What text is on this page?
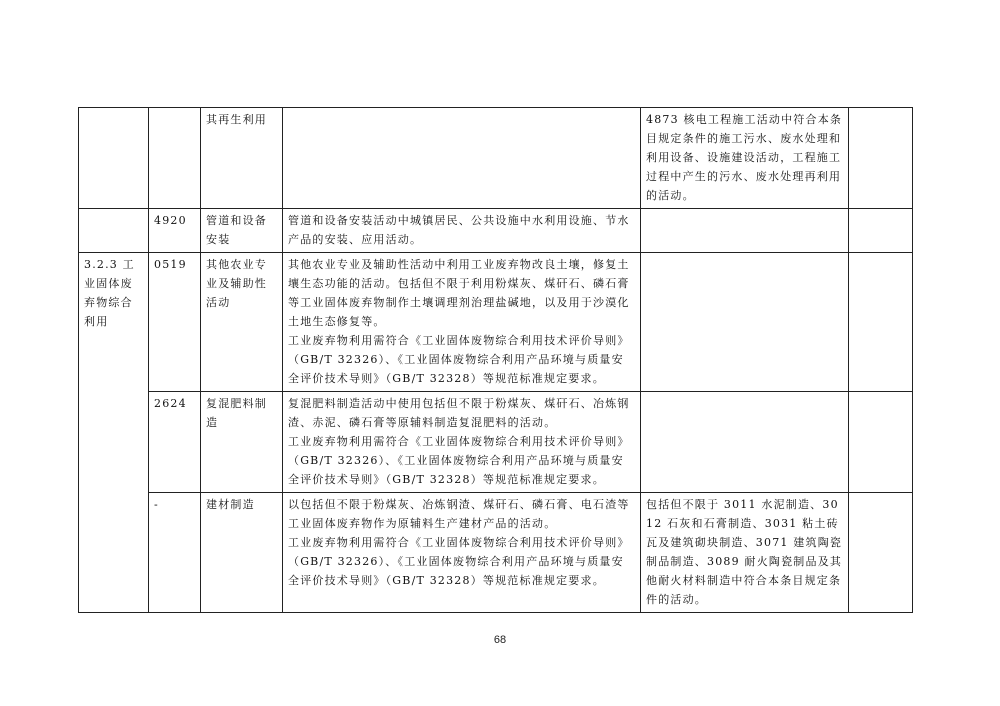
		其再生利用		4873 核电工程施工活动中符合本条目规定条件的施工污水、废水处理和利用设备、设施建设活动，工程施工过程中产生的污水、废水处理再利用的活动。	
	4920	管道和设备安装	管道和设备安装活动中城镇居民、公共设施中水利用设施、节水产品的安装、应用活动。		

3.2.3 工业固体废弃物综合利用	0519	其他农业专业及辅助性活动	其他农业专业及辅助性活动中利用工业废弃物改良土壤，修复土壤生态功能的活动。包括但不限于利用粉煤灰、煤矸石、磷石膏等工业固体废弃物制作土壤调理剂治理盐碱地，以及用于沙漠化土地生态修复等。
工业废弃物利用需符合《工业固体废物综合利用技术评价导则》（GB/T 32326）、《工业固体废物综合利用产品环境与质量安全评价技术导则》（GB/T 32328）等规范标准规定要求。		

	2624	复混肥料制造	复混肥料制造活动中使用包括但不限于粉煤灰、煤矸石、冶炼钢渣、赤泥、磷石膏等原辅料制造复混肥料的活动。
工业废弃物利用需符合《工业固体废物综合利用技术评价导则》（GB/T 32326）、《工业固体废物综合利用产品环境与质量安全评价技术导则》（GB/T 32328）等规范标准规定要求。		

	-	建材制造	以包括但不限于粉煤灰、冶炼钢渣、煤矸石、磷石膏、电石渣等工业固体废弃物作为原辅料生产建材产品的活动。
工业废弃物利用需符合《工业固体废物综合利用技术评价导则》（GB/T 32326）、《工业固体废物综合利用产品环境与质量安全评价技术导则》（GB/T 32328）等规范标准规定要求。	包括但不限于 3011 水泥制造、3012 石灰和石膏制造、3031 粘土砖瓦及建筑砌块制造、3071 建筑陶瓷制品制造、3089 耐火陶瓷制品及其他耐火材料制造中符合本条目规定条件的活动。	
68
